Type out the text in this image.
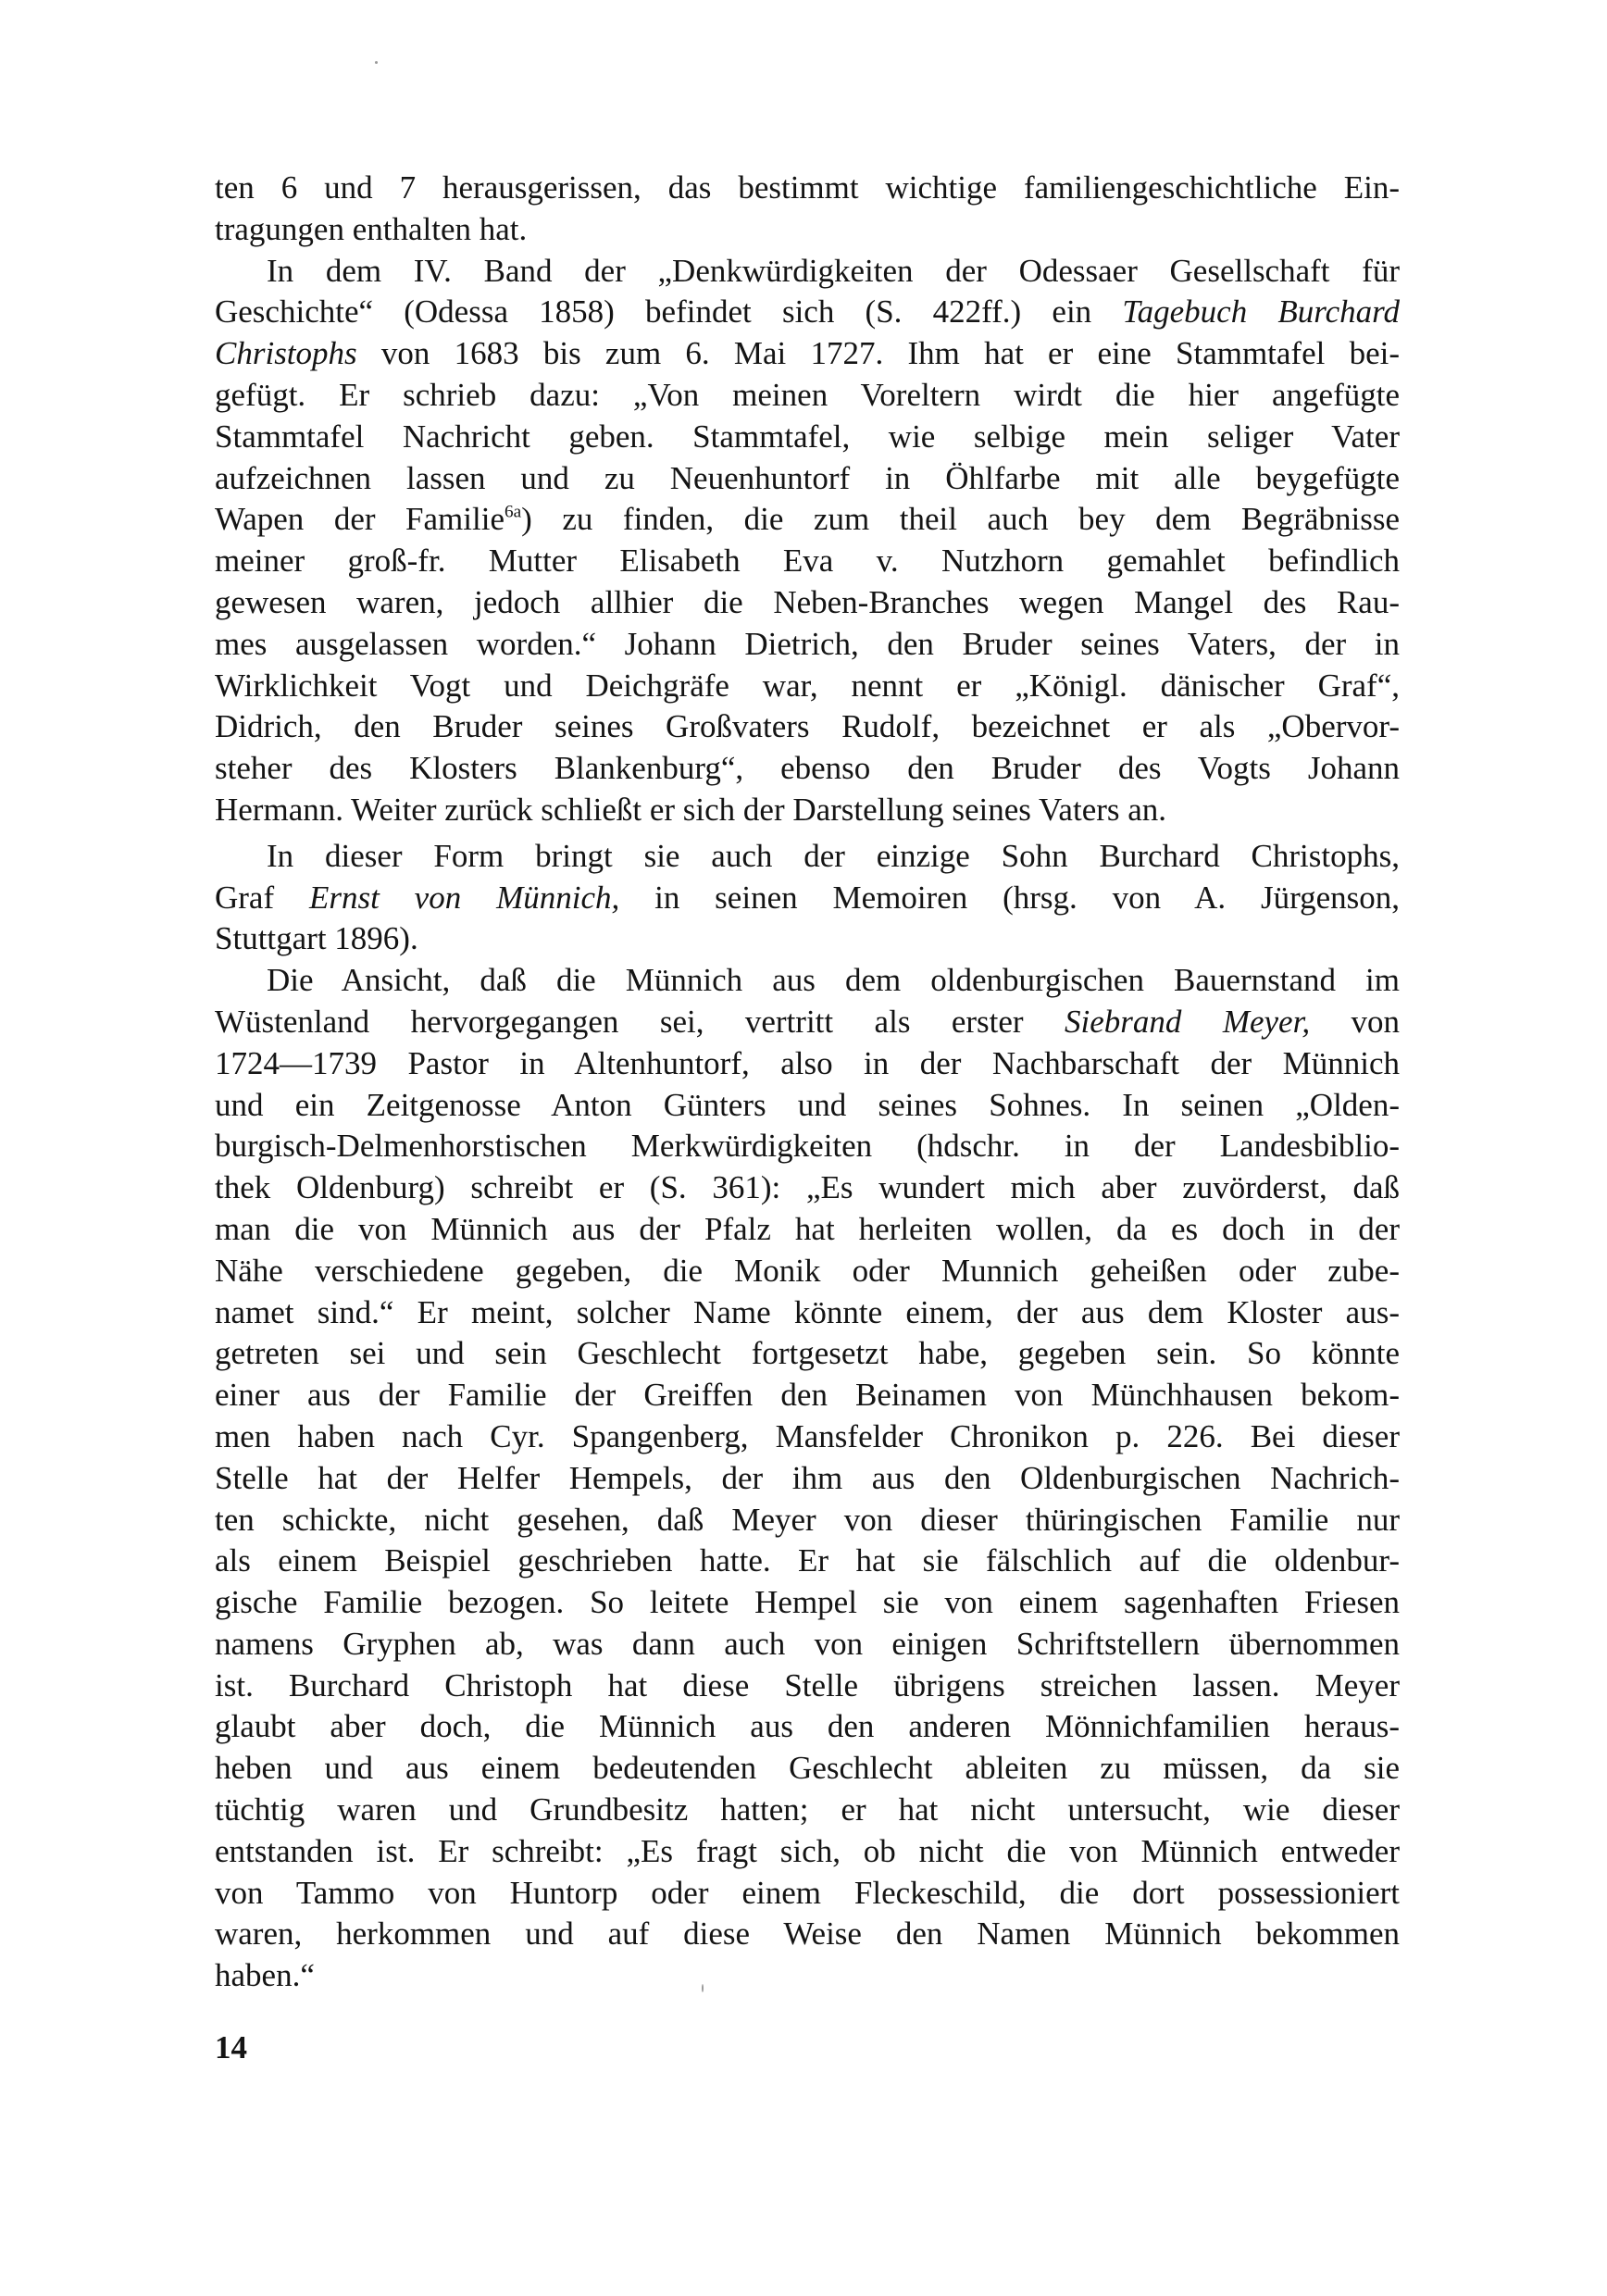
ten 6 und 7 herausgerissen, das bestimmt wichtige familiengeschichtliche Ein-
tragungen enthalten hat.
In dem IV. Band der „Denkwürdigkeiten der Odessaer Gesellschaft für
Geschichte“ (Odessa 1858) befindet sich (S. 422ff.) ein Tagebuch Burchard
Christophs von 1683 bis zum 6. Mai 1727. Ihm hat er eine Stammtafel bei-
gefügt. Er schrieb dazu: „Von meinen Voreltern wirdt die hier angefügte
Stammtafel Nachricht geben. Stammtafel, wie selbige mein seliger Vater
aufzeichnen lassen und zu Neuenhuntorf in Öhlfarbe mit alle beygefügte
Wapen der Familie$^{6a}$) zu finden, die zum theil auch bey dem Begräbnisse
meiner groß-fr. Mutter Elisabeth Eva v. Nutzhorn gemahlet befindlich
gewesen waren, jedoch allhier die Neben-Branches wegen Mangel des Rau-
mes ausgelassen worden.“ Johann Dietrich, den Bruder seines Vaters, der in
Wirklichkeit Vogt und Deichgräfe war, nennt er „Königl. dänischer Graf“,
Didrich, den Bruder seines Großvaters Rudolf, bezeichnet er als „Obervor-
steher des Klosters Blankenburg“, ebenso den Bruder des Vogts Johann
Hermann. Weiter zurück schließt er sich der Darstellung seines Vaters an.
In dieser Form bringt sie auch der einzige Sohn Burchard Christophs,
Graf Ernst von Münnich, in seinen Memoiren (hrsg. von A. Jürgenson,
Stuttgart 1896).
Die Ansicht, daß die Münnich aus dem oldenburgischen Bauernstand im
Wüstenland hervorgegangen sei, vertritt als erster Siebrand Meyer, von
1724—1739 Pastor in Altenhuntorf, also in der Nachbarschaft der Münnich
und ein Zeitgenosse Anton Günters und seines Sohnes. In seinen „Olden-
burgisch-Delmenhorstischen Merkwürdigkeiten (hdschr. in der Landesbiblio-
thek Oldenburg) schreibt er (S. 361): „Es wundert mich aber zuvörderst, daß
man die von Münnich aus der Pfalz hat herleiten wollen, da es doch in der
Nähe verschiedene gegeben, die Monik oder Munnich geheißen oder zube-
namet sind.“ Er meint, solcher Name könnte einem, der aus dem Kloster aus-
getreten sei und sein Geschlecht fortgesetzt habe, gegeben sein. So könnte
einer aus der Familie der Greiffen den Beinamen von Münchhausen bekom-
men haben nach Cyr. Spangenberg, Mansfelder Chronikon p. 226. Bei dieser
Stelle hat der Helfer Hempels, der ihm aus den Oldenburgischen Nachrich-
ten schickte, nicht gesehen, daß Meyer von dieser thüringischen Familie nur
als einem Beispiel geschrieben hatte. Er hat sie fälschlich auf die oldenbur-
gische Familie bezogen. So leitete Hempel sie von einem sagenhaften Friesen
namens Gryphen ab, was dann auch von einigen Schriftstellern übernommen
ist. Burchard Christoph hat diese Stelle übrigens streichen lassen. Meyer
glaubt aber doch, die Münnich aus den anderen Mönnichfamilien heraus-
heben und aus einem bedeutenden Geschlecht ableiten zu müssen, da sie
tüchtig waren und Grundbesitz hatten; er hat nicht untersucht, wie dieser
entstanden ist. Er schreibt: „Es fragt sich, ob nicht die von Münnich entweder
von Tammo von Huntorp oder einem Fleckeschild, die dort possessioniert
waren, herkommen und auf diese Weise den Namen Münnich bekommen
haben.“
14
